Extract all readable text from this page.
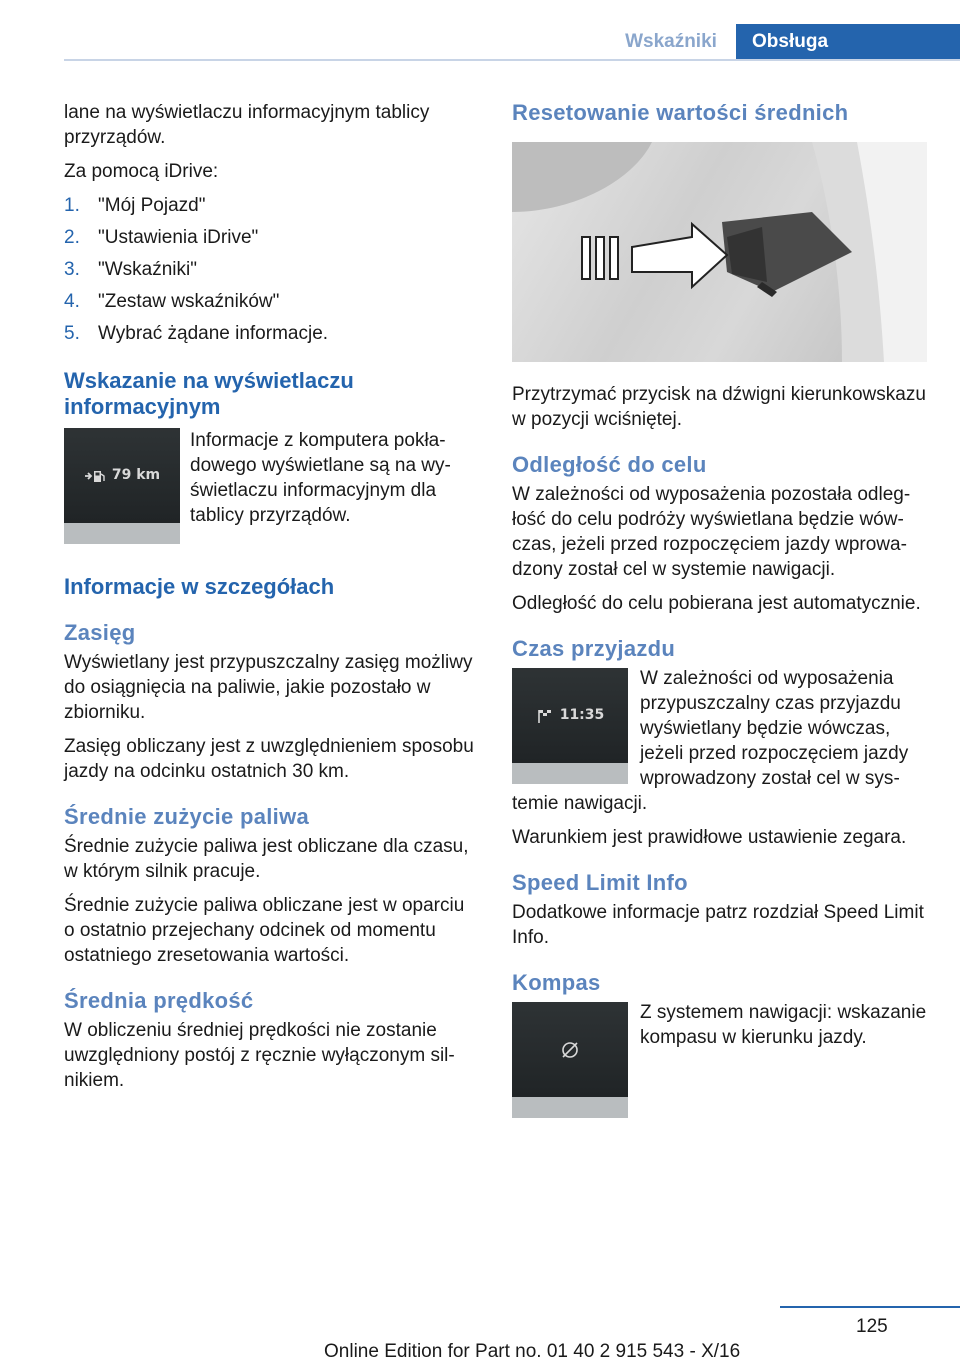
Wskaźniki	Obsługa

lane na wyświetlaczu informacyjnym tablicy przyrządów.

Za pomocą iDrive:

1. "Mój Pojazd"
2. "Ustawienia iDrive"
3. "Wskaźniki"
4. "Zestaw wskaźników"
5. Wybrać żądane informacje.
Wskazanie na wyświetlaczu informacyjnym
79 km

Informacje z komputera pokładowego wyświetlane są na wyświetlaczu informacyjnym dla tablicy przyrządów.

Informacje w szczegółach
Zasięg

Wyświetlany jest przypuszczalny zasięg możliwy do osiągnięcia na paliwie, jakie pozostało w zbiorniku.

Zasięg obliczany jest z uwzględnieniem sposobu jazdy na odcinku ostatnich 30 km.

Średnie zużycie paliwa

Średnie zużycie paliwa jest obliczane dla czasu, w którym silnik pracuje.

Średnie zużycie paliwa obliczane jest w oparciu o ostatnio przejechany odcinek od momentu ostatniego zresetowania wartości.

Średnia prędkość

W obliczeniu średniej prędkości nie zostanie uwzględniony postój z ręcznie wyłączonym silnikiem.

Resetowanie wartości średnich

Przytrzymać przycisk na dźwigni kierunkowskazu w pozycji wciśniętej.

Odległość do celu

W zależności od wyposażenia pozostała odległość do celu podróży wyświetlana będzie wówczas, jeżeli przed rozpoczęciem jazdy wprowadzony został cel w systemie nawigacji.

Odległość do celu pobierana jest automatycznie.

Czas przyjazdu
11:35

W zależności od wyposażenia przypuszczalny czas przyjazdu wyświetlany będzie wówczas, jeżeli przed rozpoczęciem jazdy wprowadzony został cel w systemie nawigacji.

Warunkiem jest prawidłowe ustawienie zegara.

Speed Limit Info

Dodatkowe informacje patrz rozdział Speed Limit Info.

Kompas

Z systemem nawigacji: wskazanie kompasu w kierunku jazdy.

125
Online Edition for Part no. 01 40 2 915 543 - X/16
